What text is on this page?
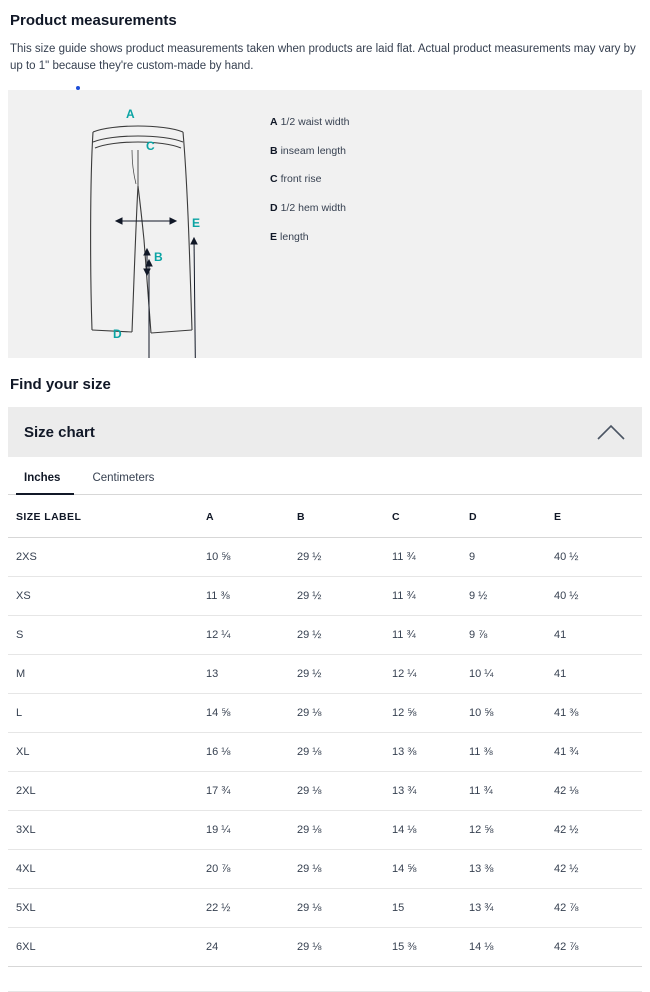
Product measurements

This size guide shows product measurements taken when products are laid flat. Actual product measurements may vary by up to 1" because they're custom-made by hand.

A
B
C
D
E
A 1/2 waist width
B inseam length
C front rise
D 1/2 hem width
E length
Find your size
Size chart
Inches	Centimeters
SIZE LABEL	A	B	C	D	E
2XS	10 ⅝	29 ½	11 ¾	9	40 ½
XS	11 ⅜	29 ½	11 ¾	9 ½	40 ½
S	12 ¼	29 ½	11 ¾	9 ⅞	41
M	13	29 ½	12 ¼	10 ¼	41
L	14 ⅝	29 ⅛	12 ⅝	10 ⅝	41 ⅜
XL	16 ⅛	29 ⅛	13 ⅜	11 ⅜	41 ¾
2XL	17 ¾	29 ⅛	13 ¾	11 ¾	42 ⅛
3XL	19 ¼	29 ⅛	14 ⅛	12 ⅝	42 ½
4XL	20 ⅞	29 ⅛	14 ⅝	13 ⅜	42 ½
5XL	22 ½	29 ⅛	15	13 ¾	42 ⅞
6XL	24	29 ⅛	15 ⅜	14 ⅛	42 ⅞
